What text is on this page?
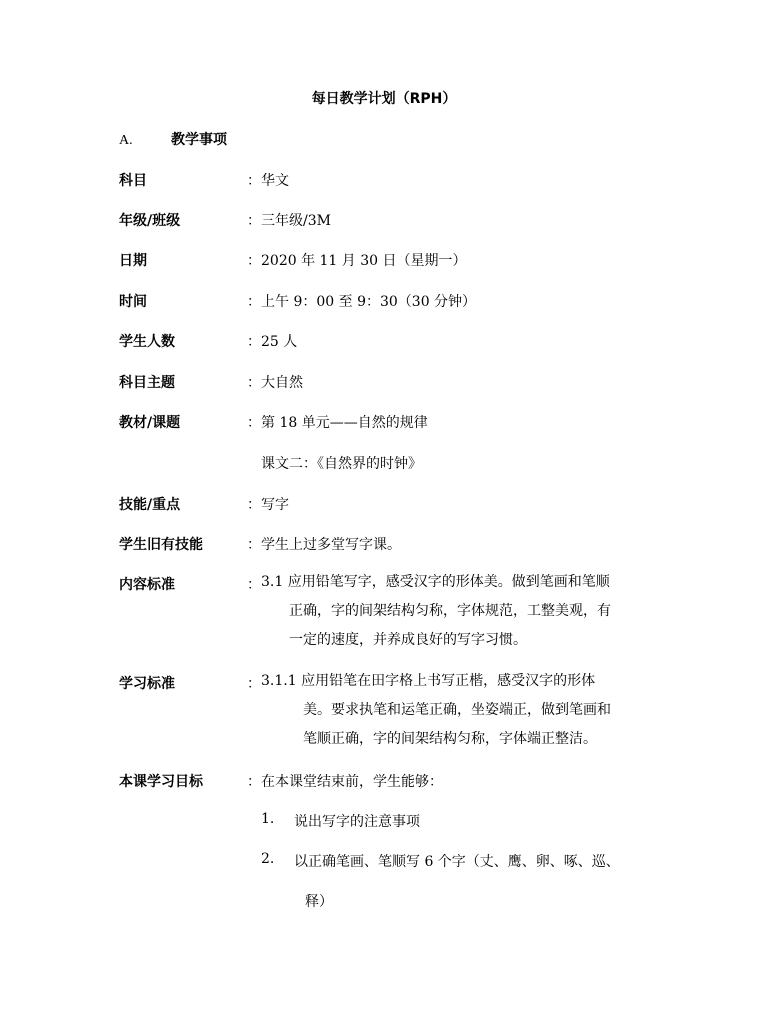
每日教学计划（RPH）
A.	教学事项
科目	： 华文
年级/班级	： 三年级/3M
日期	： 2020 年 11 月 30 日（星期一）
时间	： 上午 9：00 至 9：30（30 分钟）
学生人数	： 25 人
科目主题	： 大自然
教材/课题	： 第 18 单元——自然的规律
课文二：《自然界的时钟》
技能/重点	： 写字
学生旧有技能	： 学生上过多堂写字课。
内容标准	： 3.1 应用铅笔写字，感受汉字的形体美。做到笔画和笔顺
正确，字的间架结构匀称，字体规范，工整美观，有
一定的速度，并养成良好的写字习惯。
学习标准	： 3.1.1 应用铅笔在田字格上书写正楷，感受汉字的形体
美。要求执笔和运笔正确，坐姿端正，做到笔画和
笔顺正确，字的间架结构匀称，字体端正整洁。
本课学习目标	： 在本课堂结束前，学生能够：
1. 说出写字的注意事项
2. 以正确笔画、笔顺写 6 个字（丈、鹰、卵、啄、巡、
释）
